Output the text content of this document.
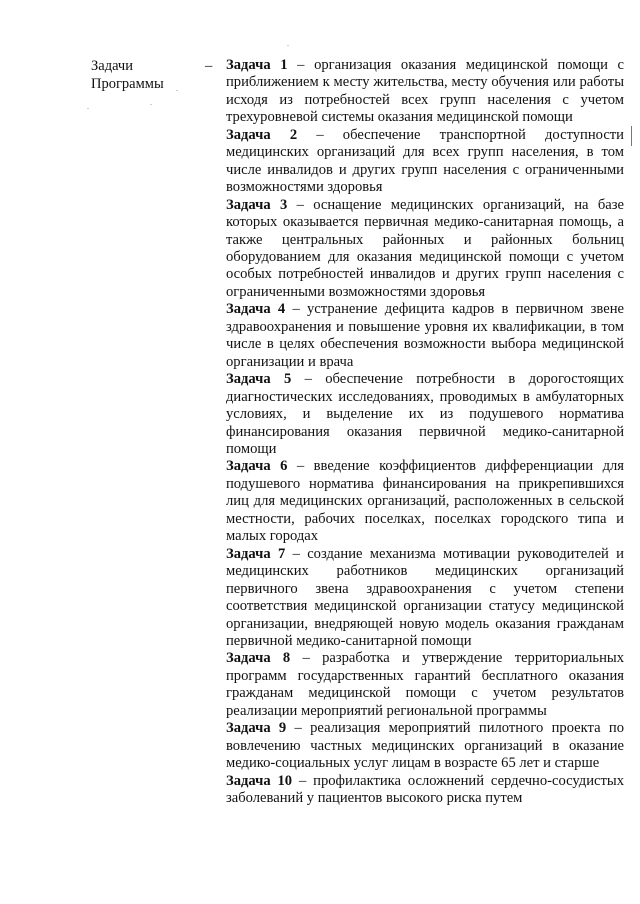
Задачи
Программы
– Задача 1 – организация оказания медицинской помощи с приближением к месту жительства, месту обучения или работы исходя из потребностей всех групп населения с учетом трехуровневой системы оказания медицинской помощи

Задача 2 – обеспечение транспортной доступности медицинских организаций для всех групп населения, в том числе инвалидов и других групп населения с ограниченными возможностями здоровья

Задача 3 – оснащение медицинских организаций, на базе которых оказывается первичная медико-санитарная помощь, а также центральных районных и районных больниц оборудованием для оказания медицинской помощи с учетом особых потребностей инвалидов и других групп населения с ограниченными возможностями здоровья

Задача 4 – устранение дефицита кадров в первичном звене здравоохранения и повышение уровня их квалификации, в том числе в целях обеспечения возможности выбора медицинской организации и врача

Задача 5 – обеспечение потребности в дорогостоящих диагностических исследованиях, проводимых в амбулаторных условиях, и выделение их из подушевого норматива финансирования оказания первичной медико-санитарной помощи

Задача 6 – введение коэффициентов дифференциации для подушевого норматива финансирования на прикрепившихся лиц для медицинских организаций, расположенных в сельской местности, рабочих поселках, поселках городского типа и малых городах

Задача 7 – создание механизма мотивации руководителей и медицинских работников медицинских организаций первичного звена здравоохранения с учетом степени соответствия медицинской организации статусу медицинской организации, внедряющей новую модель оказания гражданам первичной медико-санитарной помощи

Задача 8 – разработка и утверждение территориальных программ государственных гарантий бесплатного оказания гражданам медицинской помощи с учетом результатов реализации мероприятий региональной программы

Задача 9 – реализация мероприятий пилотного проекта по вовлечению частных медицинских организаций в оказание медико-социальных услуг лицам в возрасте 65 лет и старше

Задача 10 – профилактика осложнений сердечно-сосудистых заболеваний у пациентов высокого риска путем
